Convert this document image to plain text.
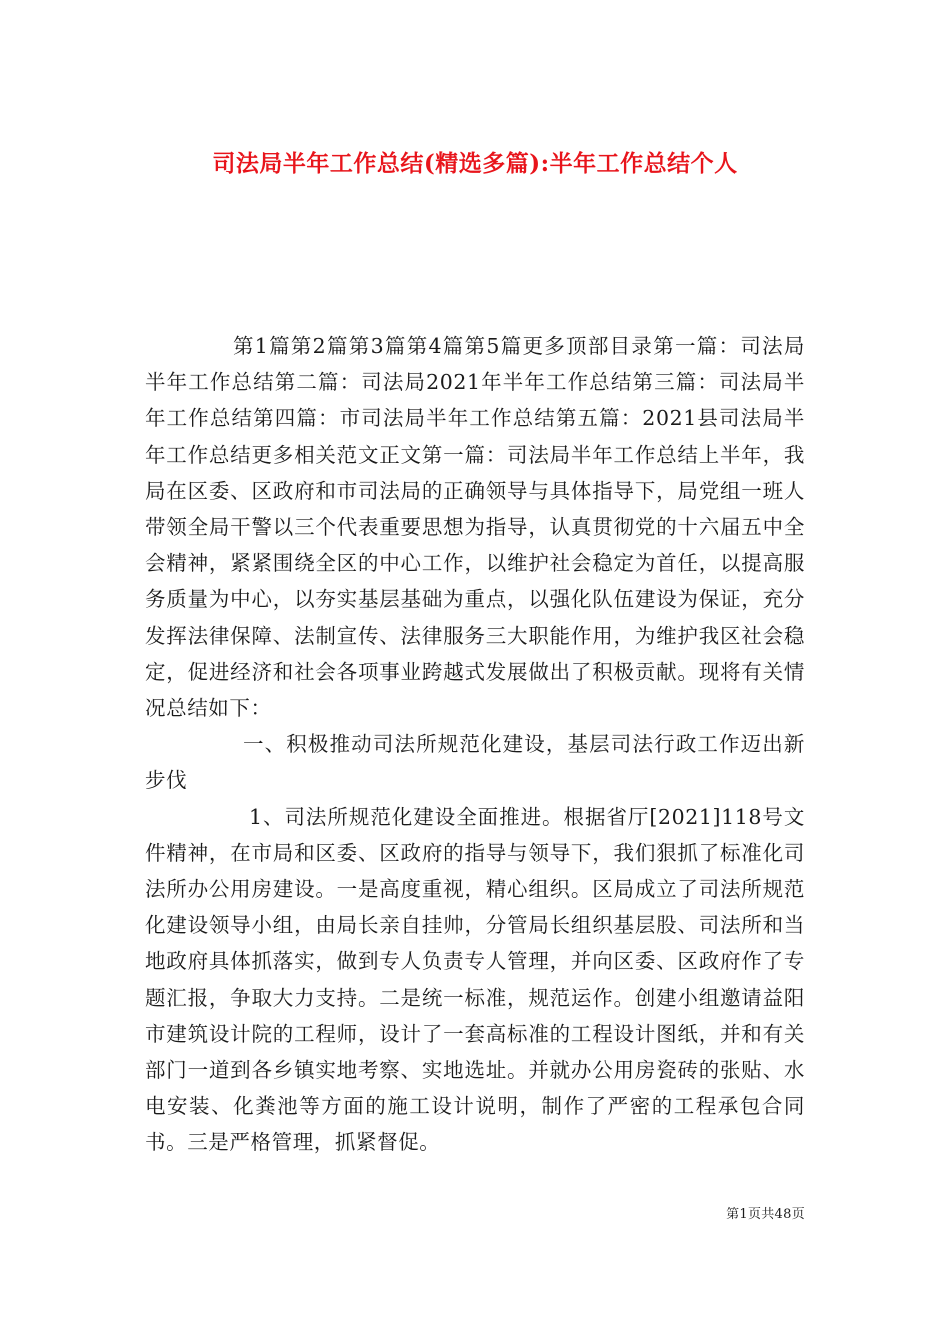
司法局半年工作总结(精选多篇):半年工作总结个人

第1篇第2篇第3篇第4篇第5篇更多顶部目录第一篇：司法局半年工作总结第二篇：司法局2021年半年工作总结第三篇：司法局半年工作总结第四篇：市司法局半年工作总结第五篇：2021县司法局半年工作总结更多相关范文正文第一篇：司法局半年工作总结上半年，我局在区委、区政府和市司法局的正确领导与具体指导下，局党组一班人带领全局干警以三个代表重要思想为指导，认真贯彻党的十六届五中全会精神，紧紧围绕全区的中心工作，以维护社会稳定为首任，以提高服务质量为中心，以夯实基层基础为重点，以强化队伍建设为保证，充分发挥法律保障、法制宣传、法律服务三大职能作用，为维护我区社会稳定，促进经济和社会各项事业跨越式发展做出了积极贡献。现将有关情况总结如下：

一、积极推动司法所规范化建设，基层司法行政工作迈出新步伐

1、司法所规范化建设全面推进。根据省厅[2021]118号文件精神，在市局和区委、区政府的指导与领导下，我们狠抓了标准化司法所办公用房建设。一是高度重视，精心组织。区局成立了司法所规范化建设领导小组，由局长亲自挂帅，分管局长组织基层股、司法所和当地政府具体抓落实，做到专人负责专人管理，并向区委、区政府作了专题汇报，争取大力支持。二是统一标准，规范运作。创建小组邀请益阳市建筑设计院的工程师，设计了一套高标准的工程设计图纸，并和有关部门一道到各乡镇实地考察、实地选址。并就办公用房瓷砖的张贴、水电安装、化粪池等方面的施工设计说明，制作了严密的工程承包合同书。三是严格管理，抓紧督促。

第1页共48页
